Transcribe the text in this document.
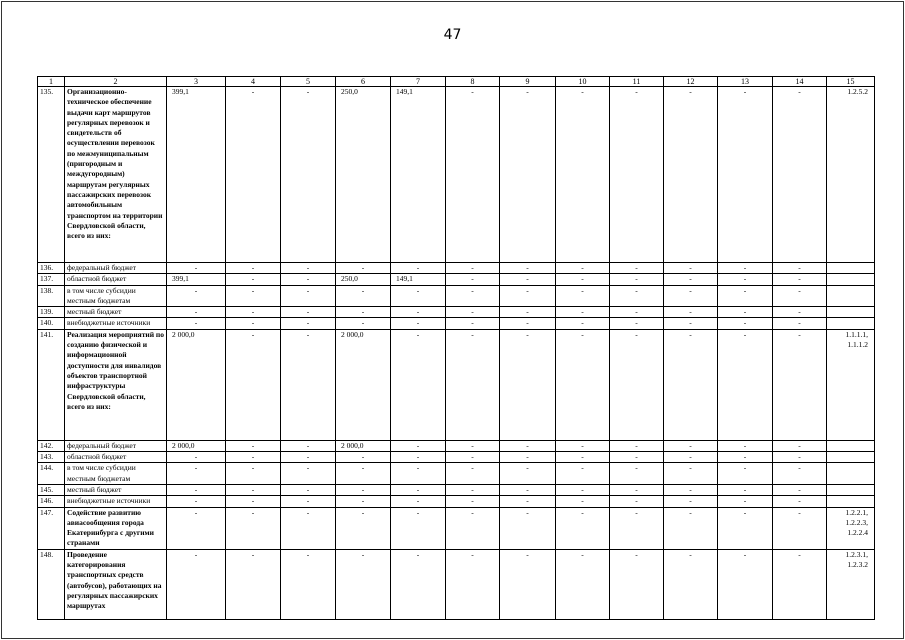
47
1	2	3	4	5	6	7	8	9	10	11	12	13	14	15
135.	Организационно-техническое обеспечение выдачи карт маршрутов регулярных перевозок и свидетельств об осуществлении перевозок по межмуниципальным (пригородным и междугородным) маршрутам регулярных пассажирских перевозок автомобильным транспортом на территории Свердловской области, всего из них:	399,1	-	-	250,0	149,1	-	-	-	-	-	-	-	1.2.5.2
136.	федеральный бюджет	-	-	-	-	-	-	-	-	-	-	-	-	
137.	областной бюджет	399,1	-	-	250,0	149,1	-	-	-	-	-	-	-	
138.	в том числе субсидии местным бюджетам	-	-	-	-	-	-	-	-	-	-	-	-	
139.	местный бюджет	-	-	-	-	-	-	-	-	-	-	-	-	
140.	внебюджетные источники	-	-	-	-	-	-	-	-	-	-	-	-	
141.	Реализация мероприятий по созданию физической и информационной доступности для инвалидов объектов транспортной инфраструктуры Свердловской области, всего из них:	2 000,0	-	-	2 000,0	-	-	-	-	-	-	-	-	1.1.1.1, 1.1.1.2
142.	федеральный бюджет	2 000,0	-	-	2 000,0	-	-	-	-	-	-	-	-	
143.	областной бюджет	-	-	-	-	-	-	-	-	-	-	-	-	
144.	в том числе субсидии местным бюджетам	-	-	-	-	-	-	-	-	-	-	-	-	
145.	местный бюджет	-	-	-	-	-	-	-	-	-	-	-	-	
146.	внебюджетные источники	-	-	-	-	-	-	-	-	-	-	-	-	
147.	Содействие развитию авиасообщения города Екатеринбурга с другими странами	-	-	-	-	-	-	-	-	-	-	-	-	1.2.2.1, 1.2.2.3, 1.2.2.4
148.	Проведение категорирования транспортных средств (автобусов), работающих на регулярных пассажирских маршрутах	-	-	-	-	-	-	-	-	-	-	-	-	1.2.3.1, 1.2.3.2
